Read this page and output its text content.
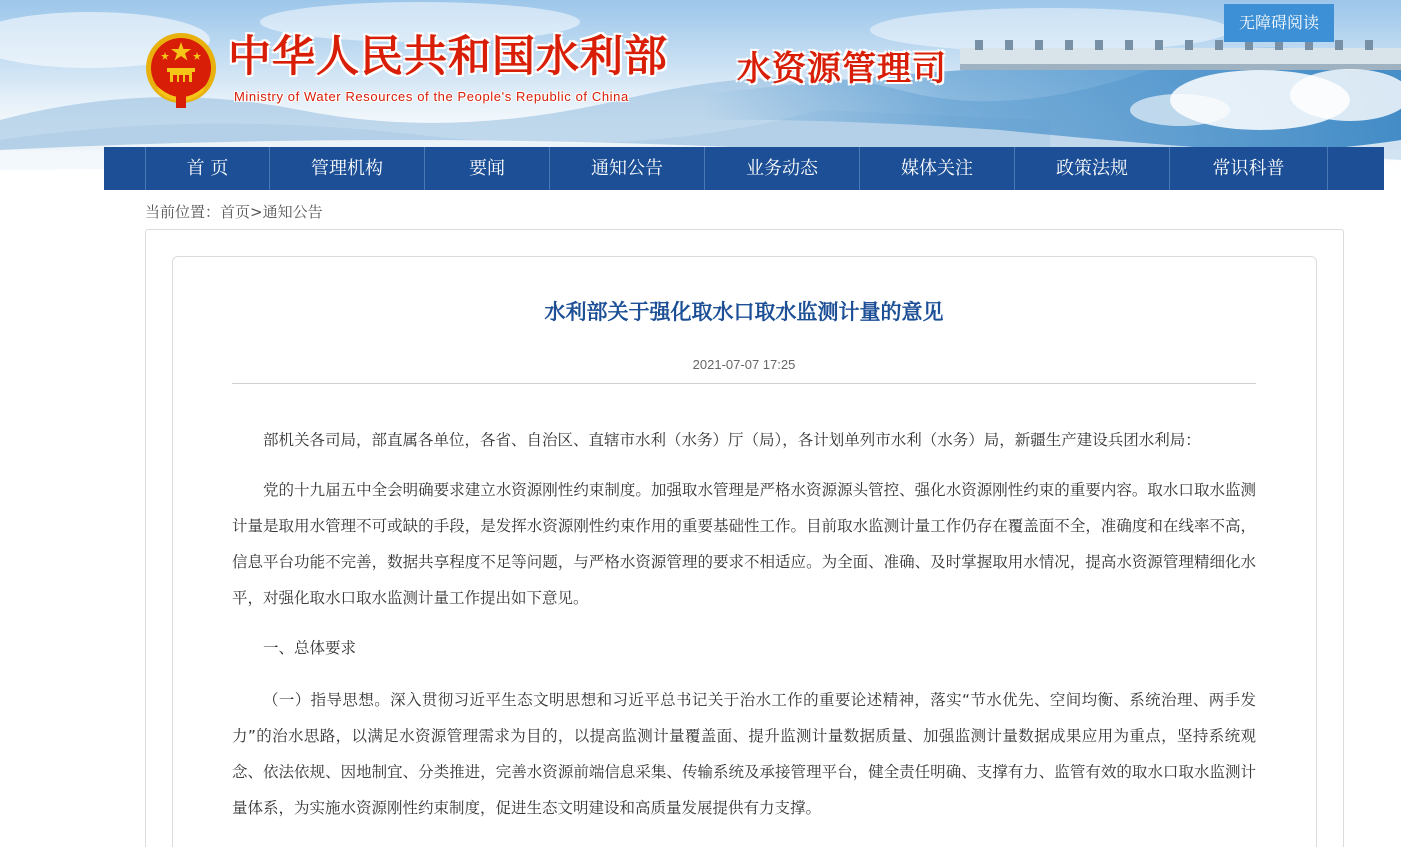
中华人民共和国水利部
Ministry of Water Resources of the People's Republic of China
水资源管理司
无障碍阅读
首 页	管理机构	要闻	通知公告	业务动态	媒体关注	政策法规	常识科普
当前位置：首页>通知公告
水利部关于强化取水口取水监测计量的意见
2021-07-07 17:25

部机关各司局，部直属各单位，各省、自治区、直辖市水利（水务）厅（局），各计划单列市水利（水务）局，新疆生产建设兵团水利局：

党的十九届五中全会明确要求建立水资源刚性约束制度。加强取水管理是严格水资源源头管控、强化水资源刚性约束的重要内容。取水口取水监测计量是取用水管理不可或缺的手段，是发挥水资源刚性约束作用的重要基础性工作。目前取水监测计量工作仍存在覆盖面不全，准确度和在线率不高，信息平台功能不完善，数据共享程度不足等问题，与严格水资源管理的要求不相适应。为全面、准确、及时掌握取用水情况，提高水资源管理精细化水平，对强化取水口取水监测计量工作提出如下意见。

一、总体要求

（一）指导思想。深入贯彻习近平生态文明思想和习近平总书记关于治水工作的重要论述精神，落实“节水优先、空间均衡、系统治理、两手发力”的治水思路，以满足水资源管理需求为目的，以提高监测计量覆盖面、提升监测计量数据质量、加强监测计量数据成果应用为重点，坚持系统观念、依法依规、因地制宜、分类推进，完善水资源前端信息采集、传输系统及承接管理平台，健全责任明确、支撑有力、监管有效的取水口取水监测计量体系，为实施水资源刚性约束制度，促进生态文明建设和高质量发展提供有力支撑。
